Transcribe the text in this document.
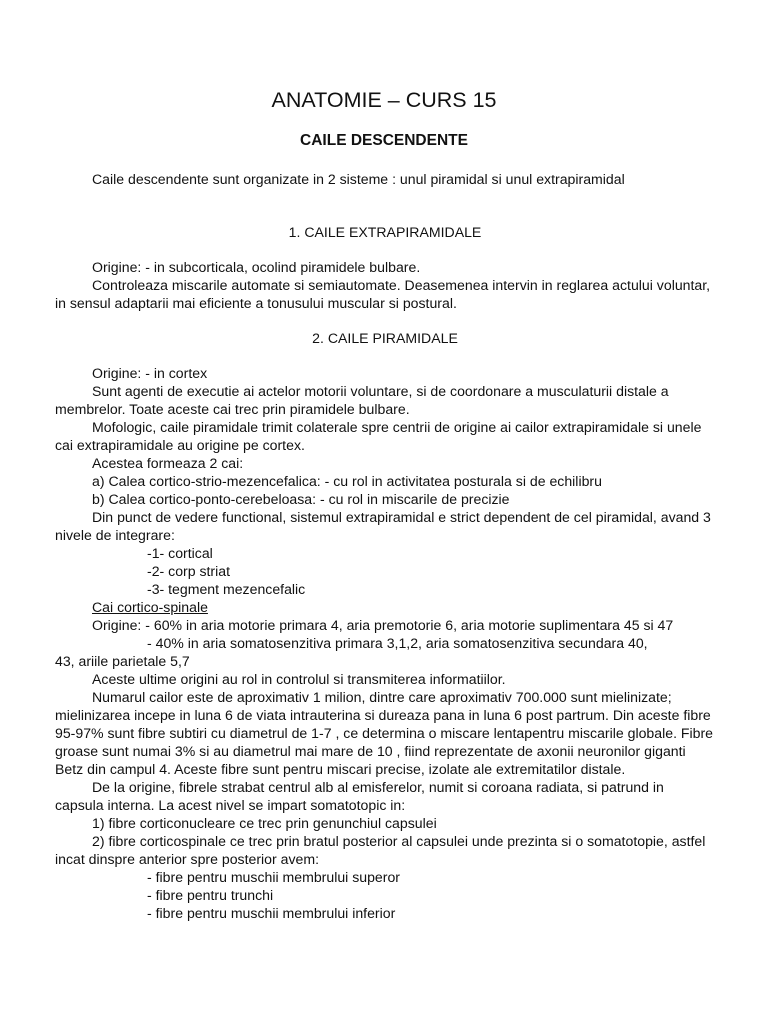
ANATOMIE – CURS 15
CAILE DESCENDENTE

Caile descendente sunt organizate in 2 sisteme : unul piramidal si unul extrapiramidal

1. CAILE EXTRAPIRAMIDALE

Origine: - in subcorticala, ocolind piramidele bulbare.

Controleaza miscarile automate si semiautomate. Deasemenea intervin in reglarea actului voluntar, in sensul adaptarii mai eficiente a tonusului muscular si postural.

2. CAILE PIRAMIDALE

Origine: - in cortex

Sunt agenti de executie ai actelor motorii voluntare, si de coordonare a musculaturii distale a membrelor. Toate aceste cai trec prin piramidele bulbare.

Mofologic, caile piramidale trimit colaterale spre centrii de origine ai cailor extrapiramidale si unele cai extrapiramidale au origine pe cortex.

Acestea formeaza 2 cai:

a) Calea cortico-strio-mezencefalica: - cu rol in activitatea posturala si de echilibru

b) Calea cortico-ponto-cerebeloasa: - cu rol in miscarile de precizie

Din punct de vedere functional, sistemul extrapiramidal e strict dependent de cel piramidal, avand 3 nivele de integrare:

-1- cortical

-2- corp striat

-3- tegment mezencefalic

Cai cortico-spinale

Origine: - 60% in aria motorie primara 4, aria premotorie 6, aria motorie suplimentara 45 si 47

- 40% in aria somatosenzitiva primara 3,1,2, aria somatosenzitiva secundara 40,

43, ariile parietale 5,7

Aceste ultime origini au rol in controlul si transmiterea informatiilor.

Numarul cailor este de aproximativ 1 milion, dintre care aproximativ 700.000 sunt mielinizate; mielinizarea incepe in luna 6 de viata intrauterina si dureaza pana in luna 6 post partrum. Din aceste fibre 95-97% sunt fibre subtiri cu diametrul de 1-7 , ce determina o miscare lentapentru miscarile globale. Fibre groase sunt numai 3% si au diametrul mai mare de 10 , fiind reprezentate de axonii neuronilor giganti Betz din campul 4. Aceste fibre sunt pentru miscari precise, izolate ale extremitatilor distale.

De la origine, fibrele strabat centrul alb al emisferelor, numit si coroana radiata, si patrund in capsula interna. La acest nivel se impart somatotopic in:

1) fibre corticonucleare ce trec prin genunchiul capsulei

2) fibre corticospinale ce trec prin bratul posterior al capsulei unde prezinta si o somatotopie, astfel incat dinspre anterior spre posterior avem:

- fibre pentru muschii membrului superor

- fibre pentru trunchi

- fibre pentru muschii membrului inferior
